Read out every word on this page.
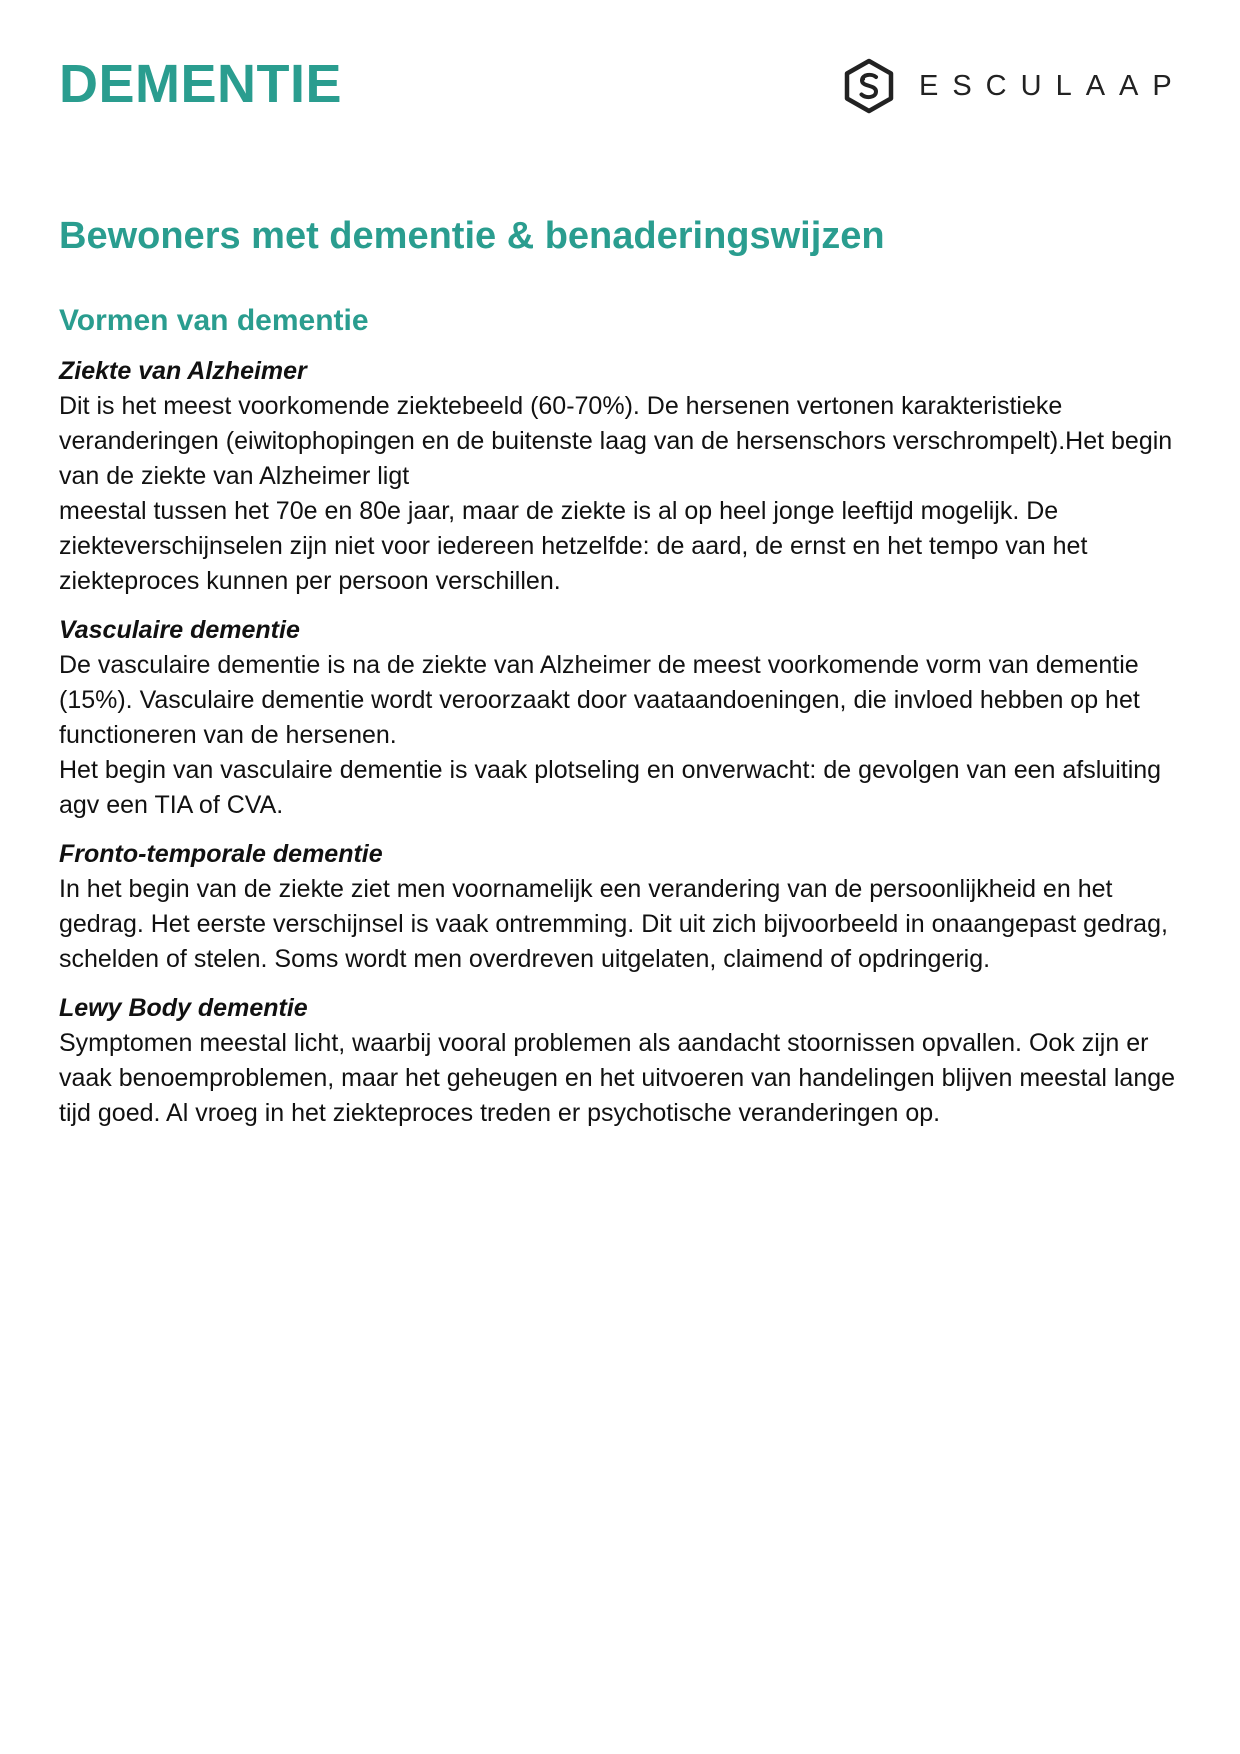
DEMENTIE	ESCULAAP
Bewoners met dementie & benaderingswijzen
Vormen van dementie

Ziekte van Alzheimer

Dit is het meest voorkomende ziektebeeld (60-70%). De hersenen vertonen karakteristieke veranderingen (eiwitophopingen en de buitenste laag van de hersenschors verschrompelt).Het begin van de ziekte van Alzheimer ligt

meestal tussen het 70e en 80e jaar, maar de ziekte is al op heel jonge leeftijd mogelijk. De ziekteverschijnselen zijn niet voor iedereen hetzelfde: de aard, de ernst en het tempo van het ziekteproces kunnen per persoon verschillen.

Vasculaire dementie

De vasculaire dementie is na de ziekte van Alzheimer de meest voorkomende vorm van dementie (15%). Vasculaire dementie wordt veroorzaakt door vaataandoeningen, die invloed hebben op het functioneren van de hersenen.

Het begin van vasculaire dementie is vaak plotseling en onverwacht: de gevolgen van een afsluiting agv een TIA of CVA.

Fronto-temporale dementie

In het begin van de ziekte ziet men voornamelijk een verandering van de persoonlijkheid en het gedrag. Het eerste verschijnsel is vaak ontremming. Dit uit zich bijvoorbeeld in onaangepast gedrag, schelden of stelen. Soms wordt men overdreven uitgelaten, claimend of opdringerig.

Lewy Body dementie

Symptomen meestal licht, waarbij vooral problemen als aandacht stoornissen opvallen. Ook zijn er vaak benoemproblemen, maar het geheugen en het uitvoeren van handelingen blijven meestal lange tijd goed. Al vroeg in het ziekteproces treden er psychotische veranderingen op.
